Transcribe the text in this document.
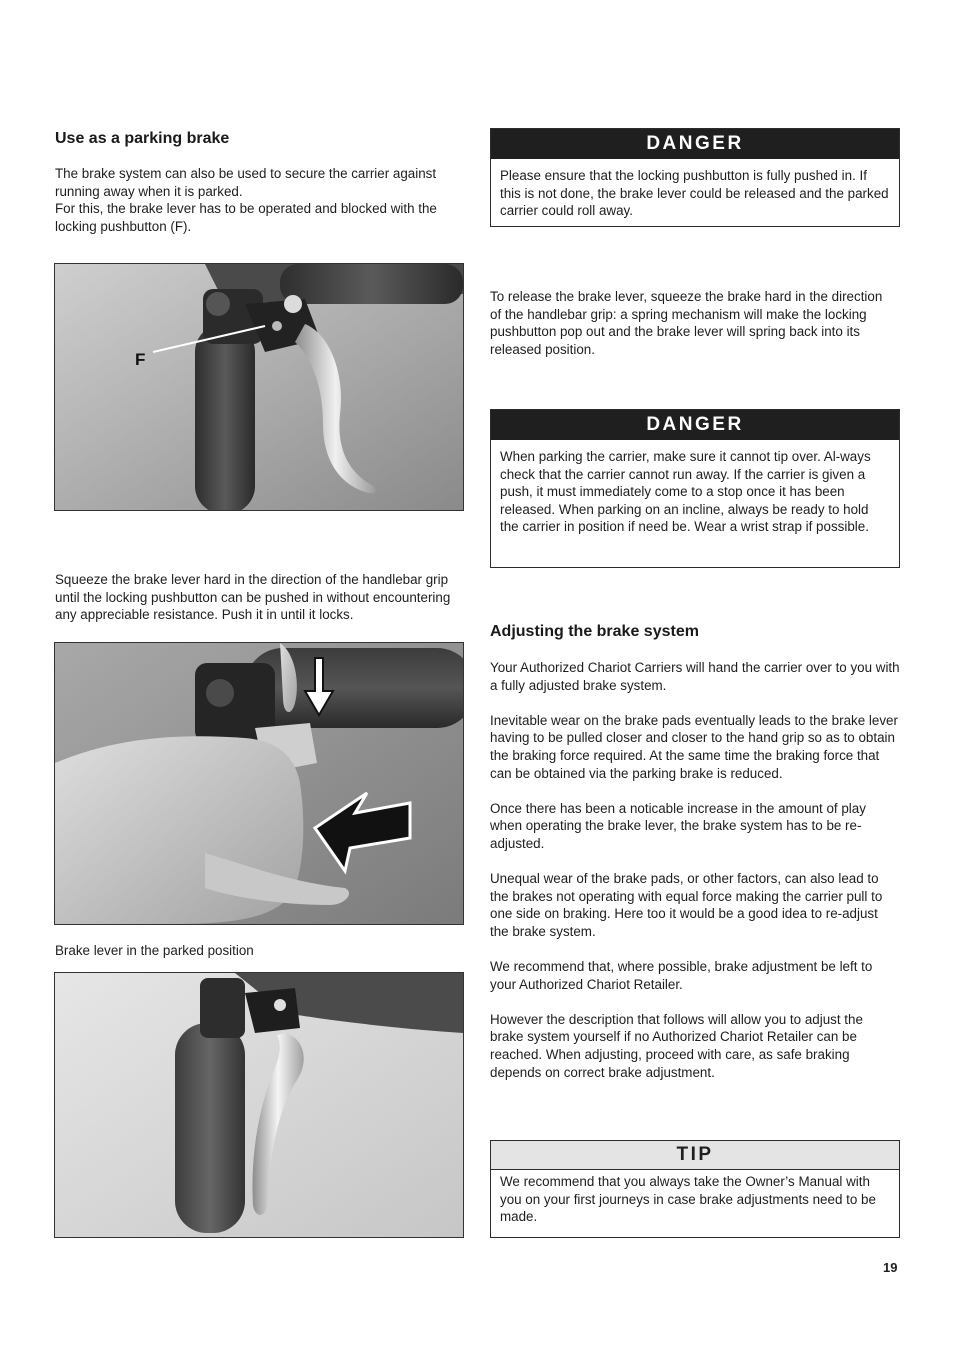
Use as a parking brake

The brake system can also be used to secure the carrier against running away when it is parked.

For this, the brake lever has to be operated and blocked with the locking pushbutton (F).

F

Squeeze the brake lever hard in the direction of the handlebar grip until the locking pushbutton can be pushed in without encountering any appreciable resistance. Push it in until it locks.

Brake lever in the parked position
DANGER
Please ensure that the locking pushbutton is fully pushed in. If this is not done, the brake lever could be released and the parked carrier could roll away.

To release the brake lever, squeeze the brake hard in the direction of the handlebar grip: a spring mechanism will make the locking pushbutton pop out and the brake lever will spring back into its released position.

DANGER
When parking the carrier, make sure it cannot tip over. Al-ways check that the carrier cannot run away. If the carrier is given a push, it must immediately come to a stop once it has been released. When parking on an incline, always be ready to hold the carrier in position if need be. Wear a wrist strap if possible.
Adjusting the brake system

Your Authorized Chariot Carriers will hand the carrier over to you with a fully adjusted brake system.

Inevitable wear on the brake pads eventually leads to the brake lever having to be pulled closer and closer to the hand grip so as to obtain the braking force required. At the same time the braking force that can be obtained via the parking brake is reduced.

Once there has been a noticable increase in the amount of play when operating the brake lever, the brake system has to be re-adjusted.

Unequal wear of the brake pads, or other factors, can also lead to the brakes not operating with equal force making the carrier pull to one side on braking. Here too it would be a good idea to re-adjust the brake system.

We recommend that, where possible, brake adjustment be left to your Authorized Chariot Retailer.

However the description that follows will allow you to adjust the brake system yourself if no Authorized Chariot Retailer can be reached. When adjusting, proceed with care, as safe braking depends on correct brake adjustment.

TIP
We recommend that you always take the Owner’s Manual with you on your first journeys in case brake adjustments need to be made.
19
